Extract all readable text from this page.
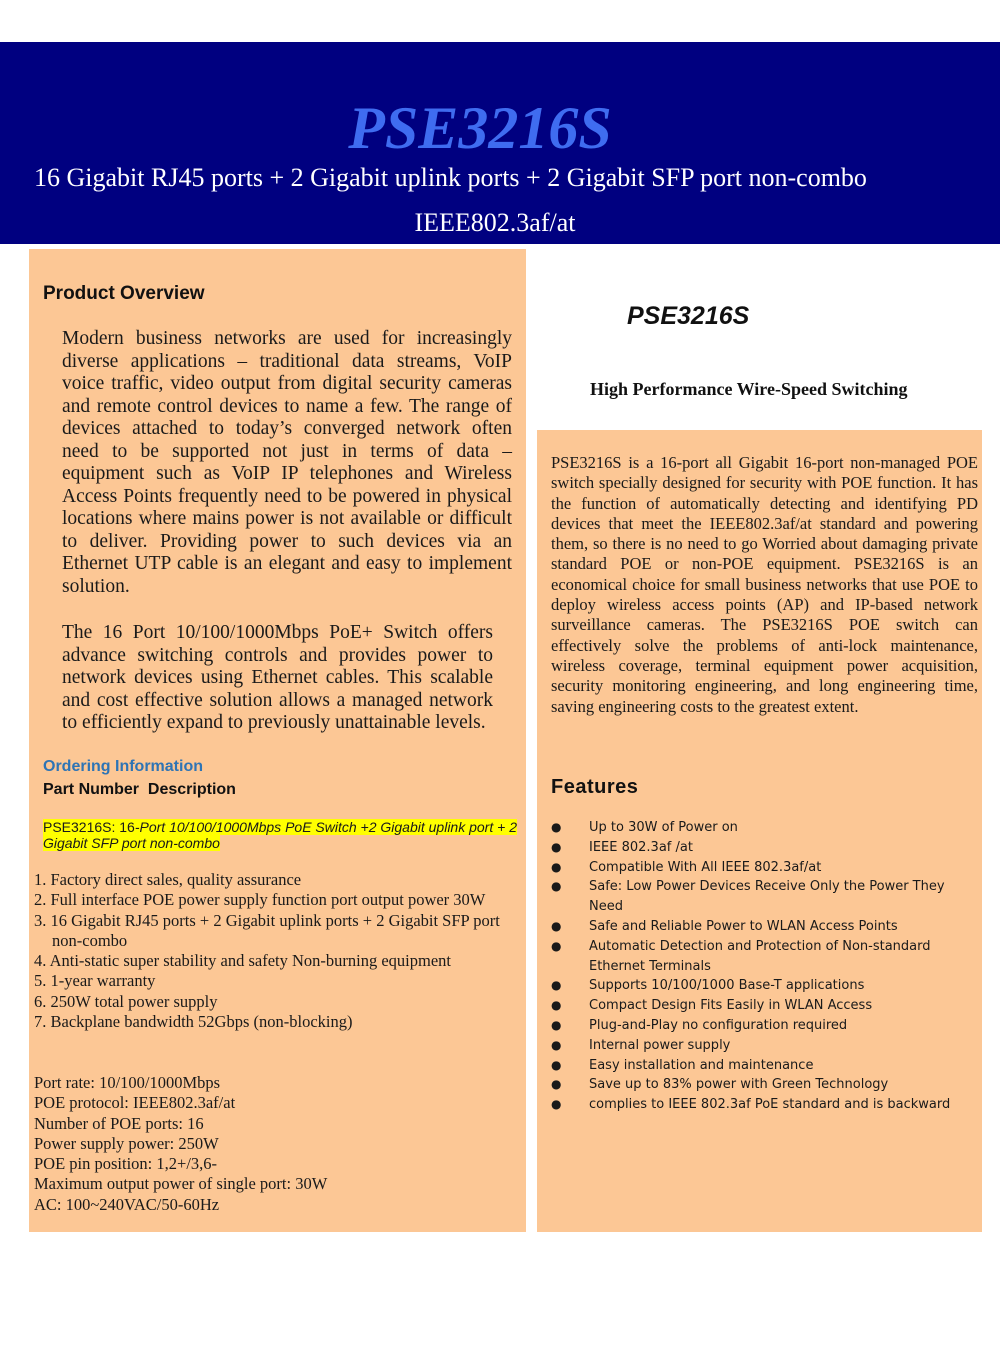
PSE3216S
16 Gigabit RJ45 ports + 2 Gigabit uplink ports + 2 Gigabit SFP port non-combo
IEEE802.3af/at
Product Overview

Modern business networks are used for increasingly diverse applications – traditional data streams, VoIP voice traffic, video output from digital security cameras and remote control devices to name a few. The range of devices attached to today’s converged network often need to be supported not just in terms of data – equipment such as VoIP IP telephones and Wireless Access Points frequently need to be powered in physical locations where mains power is not available or difficult to deliver. Providing power to such devices via an Ethernet UTP cable is an elegant and easy to implement solution.

The 16 Port 10/100/1000Mbps PoE+ Switch offers advance switching controls and provides power to network devices using Ethernet cables. This scalable and cost effective solution allows a managed network to efficiently expand to previously unattainable levels.

Ordering Information
Part Number  Description
PSE3216S: 16-Port 10/100/1000Mbps PoE Switch +2 Gigabit uplink port + 2 Gigabit SFP port non-combo
1. Factory direct sales, quality assurance
2. Full interface POE power supply function port output power 30W
3. 16 Gigabit RJ45 ports + 2 Gigabit uplink ports + 2 Gigabit SFP port non-combo
4. Anti-static super stability and safety Non-burning equipment
5. 1-year warranty
6. 250W total power supply
7. Backplane bandwidth 52Gbps (non-blocking)
Port rate: 10/100/1000Mbps
POE protocol: IEEE802.3af/at
Number of POE ports: 16
Power supply power: 250W
POE pin position: 1,2+/3,6-
Maximum output power of single port: 30W
AC: 100~240VAC/50-60Hz
PSE3216S
High Performance Wire-Speed Switching

PSE3216S is a 16-port all Gigabit 16-port non-managed POE switch specially designed for security with POE function. It has the function of automatically detecting and identifying PD devices that meet the IEEE802.3af/at standard and powering them, so there is no need to go Worried about damaging private standard POE or non-POE equipment. PSE3216S is an economical choice for small business networks that use POE to deploy wireless access points (AP) and IP-based network surveillance cameras. The PSE3216S POE switch can effectively solve the problems of anti-lock maintenance, wireless coverage, terminal equipment power acquisition, security monitoring engineering, and long engineering time, saving engineering costs to the greatest extent.

Features
● Up to 30W of Power on
● IEEE 802.3af /at
● Compatible With All IEEE 802.3af/at
● Safe: Low Power Devices Receive Only the Power They Need
● Safe and Reliable Power to WLAN Access Points
● Automatic Detection and Protection of Non-standard Ethernet Terminals
● Supports 10/100/1000 Base-T applications
● Compact Design Fits Easily in WLAN Access
● Plug-and-Play no configuration required
● Internal power supply
● Easy installation and maintenance
● Save up to 83% power with Green Technology
● complies to IEEE 802.3af PoE standard and is backward
